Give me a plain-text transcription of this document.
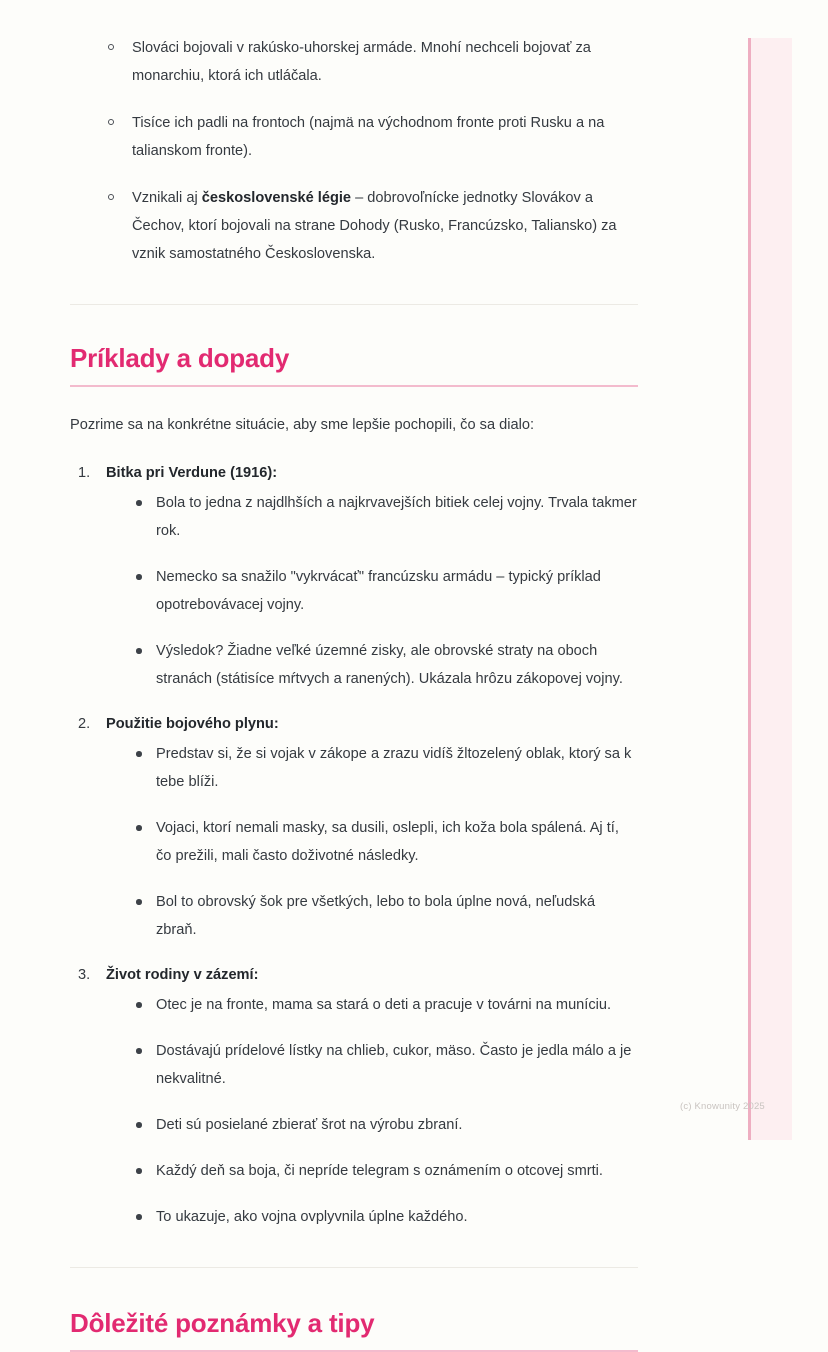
Slováci bojovali v rakúsko-uhorskej armáde. Mnohí nechceli bojovať za monarchiu, ktorá ich utláčala.
Tisíce ich padli na frontoch (najmä na východnom fronte proti Rusku a na talianskom fronte).
Vznikali aj československé légie – dobrovoľnícke jednotky Slovákov a Čechov, ktorí bojovali na strane Dohody (Rusko, Francúzsko, Taliansko) za vznik samostatného Československa.
Príklady a dopady

Pozrime sa na konkrétne situácie, aby sme lepšie pochopili, čo sa dialo:

1. Bitka pri Verdune (1916):
Bola to jedna z najdlhších a najkrvavejších bitiek celej vojny. Trvala takmer rok.
Nemecko sa snažilo "vykrvácať" francúzsku armádu – typický príklad opotrebovávacej vojny.
Výsledok? Žiadne veľké územné zisky, ale obrovské straty na oboch stranách (státisíce mŕtvych a ranených). Ukázala hrôzu zákopovej vojny.
2. Použitie bojového plynu:
Predstav si, že si vojak v zákope a zrazu vidíš žltozelený oblak, ktorý sa k tebe blíži.
Vojaci, ktorí nemali masky, sa dusili, oslepli, ich koža bola spálená. Aj tí, čo prežili, mali často doživotné následky.
Bol to obrovský šok pre všetkých, lebo to bola úplne nová, neľudská zbraň.
3. Život rodiny v zázemí:
Otec je na fronte, mama sa stará o deti a pracuje v továrni na muníciu.
Dostávajú prídelové lístky na chlieb, cukor, mäso. Často je jedla málo a je nekvalitné.
Deti sú posielané zbierať šrot na výrobu zbraní.
Každý deň sa boja, či nepríde telegram s oznámením o otcovej smrti.
To ukazuje, ako vojna ovplyvnila úplne každého.
Dôležité poznámky a tipy
(c) Knowunity 2025
